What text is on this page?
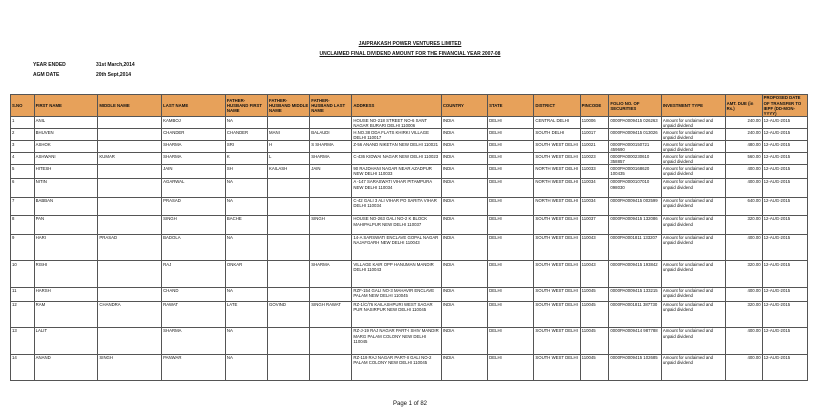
JAIPRAKASH POWER VENTURES LIMITED
UNCLAIMED FINAL DIVIDEND AMOUNT FOR THE FINANCIAL YEAR 2007-08
YEAR ENDED	31st March,2014
AGM DATE	20th Sept,2014
S.NO	FIRST NAME	MIDDLE NAME	LAST NAME	FATHER-HUSBAND FIRST NAME	FATHER-HUSBAND MIDDLE NAME	FATHER-HUSBAND LAST NAME	ADDRESS	COUNTRY	STATE	DISTRICT	PINCODE	FOLIO NO. OF SECURITIES	INVESTMENT TYPE	AMT. DUE (in Rs.)	PROPOSED DATE OF TRANSFER TO IEPF (DD-MON-YYYY)
1	ANIL		KAMBOJ	NA			HOUSE NO-218 STREET NO-6 SANT NAGAR BURARI DELHI 110006	INDIA	DELHI	CENTRAL DELHI	110006	0000PA0009415 026263	Amount for unclaimed and unpaid dividend	240.00	12-AUG-2015
2	BHUVEN		CHANDER	CHANDER	MANI	BALAUDI	H.NO.38 DDA FLATS KHIRKI VILLAGE DELHI 110017	INDIA	DELHI	SOUTH DELHI	110017	0000PA0009415 013026	Amount for unclaimed and unpaid dividend	240.00	12-AUG-2015
3	ASHOK		SHARMA	SRI	H	S SHARMA	Z-56 ANAND NIKETAN NEW DELHI 110021	INDIA	DELHI	SOUTH WEST DELHI	110021	0000PA0000150721 459690	Amount for unclaimed and unpaid dividend	480.00	12-AUG-2015
4	ASHWANI	KUMAR	SHARMA	K	L	SHARMA	C-436 KIDWAI NAGAR NEW DELHI 110023	INDIA	DELHI	SOUTH WEST DELHI	110023	0000PA0000230610 358857	Amount for unclaimed and unpaid dividend	560.00	12-AUG-2015
5	HITESH		JAIN	SH	KAILASH	JAIN	90 RAJDHANI NAGAR NEAR AZADPUR NEW DELHI 110033	INDIA	DELHI	NORTH WEST DELHI	110033	0000PA0000168620 100435	Amount for unclaimed and unpaid dividend	400.00	12-AUG-2015
6	NITIN		AGARWAL	NA			A -147 SARASWATI VIHAR PITAMPURA NEW DELHI 110034	INDIA	DELHI	NORTH WEST DELHI	110034	0000PA0000107010 098030	Amount for unclaimed and unpaid dividend	400.00	12-AUG-2015
7	BABBAN		PRASAD	NA			C-42 GALI 3 ALI VIHAR PO SARITA VIHAR DELHI 110034	INDIA	DELHI	NORTH WEST DELHI	110034	0000PA0009415 002599	Amount for unclaimed and unpaid dividend	640.00	12-AUG-2015
8	PAN		SINGH	BACHE		SINGH	HOUSE NO-263 GALI NO-2 K BLOCK MAHIPALPUR NEW DELHI 110037	INDIA	DELHI	SOUTH WEST DELHI	110037	0000PA0009415 132086	Amount for unclaimed and unpaid dividend	320.00	12-AUG-2015
9	HARI	PRASAD	BADOLA	NA			14-A SARSWATI ENCLAVE GOPAL NAGAR NAJAFGARH NEW DELHI 110043	INDIA	DELHI	SOUTH WEST DELHI	110043	0000PA0001811 133207	Amount for unclaimed and unpaid dividend	400.00	12-AUG-2015
10	RISHI		RAJ	ONKAR		SHARMA	VILLAGE KAIR OPP HANUMAN MANDIR DELHI 110043	INDIA	DELHI	SOUTH WEST DELHI	110043	0000PA0009415 193842	Amount for unclaimed and unpaid dividend	320.00	12-AUG-2015
11	HARSH		CHAND	NA			RZF-154 GALI NO-3 MAHAVIR ENCLAVE PALAM NEW DELHI 110045	INDIA	DELHI	SOUTH WEST DELHI	110045	0000PA0009415 133215	Amount for unclaimed and unpaid dividend	400.00	12-AUG-2015
12	RAM	CHANDRA	RAWAT	LATE	GOVIND	SINGH RAWAT	RZ-1/C/76 KAILASHPURI WEST SAGAR PUR NASIRPUR NEW DELHI 110045	INDIA	DELHI	SOUTH WEST DELHI	110045	0000PA0001811 387730	Amount for unclaimed and unpaid dividend	320.00	12-AUG-2015
13	LALIT		SHARMA	NA			RZ-J-19 RAJ NAGAR PART-I SHIV MANDIR MARG PALAM COLONY NEW DELHI 110045	INDIA	DELHI	SOUTH WEST DELHI	110045	0000PA0009414 987788	Amount for unclaimed and unpaid dividend	400.00	12-AUG-2015
14	ANAND	SINGH	PANWAR	NA			RZ-119 RAJ NAGAR PART-II GALI NO-2 PALAM COLONY NEW DELHI 110045	INDIA	DELHI	SOUTH WEST DELHI	110045	0000PA0009415 102685	Amount for unclaimed and unpaid dividend	400.00	12-AUG-2015
Page 1 of 82
